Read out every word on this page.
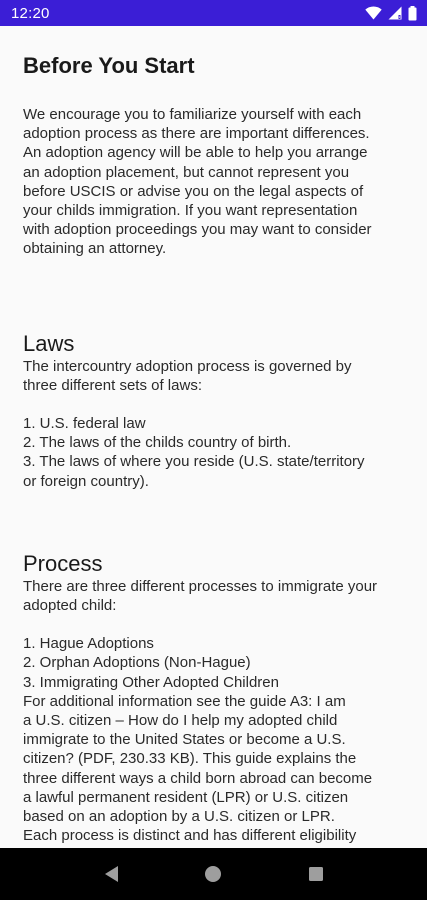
12:20
Before You Start

We encourage you to familiarize yourself with each
adoption process as there are important differences.
An adoption agency will be able to help you arrange
an adoption placement, but cannot represent you
before USCIS or advise you on the legal aspects of
your childs immigration. If you want representation
with adoption proceedings you may want to consider
obtaining an attorney.

Laws

The intercountry adoption process is governed by
three different sets of laws:

1. U.S. federal law
2. The laws of the childs country of birth.
3. The laws of where you reside (U.S. state/territory
or foreign country).
Process

There are three different processes to immigrate your
adopted child:

1. Hague Adoptions
2. Orphan Adoptions (Non-Hague)
3. Immigrating Other Adopted Children

For additional information see the guide A3: I am
a U.S. citizen – How do I help my adopted child
immigrate to the United States or become a U.S.
citizen? (PDF, 230.33 KB). This guide explains the
three different ways a child born abroad can become
a lawful permanent resident (LPR) or U.S. citizen
based on an adoption by a U.S. citizen or LPR.
Each process is distinct and has different eligibility
